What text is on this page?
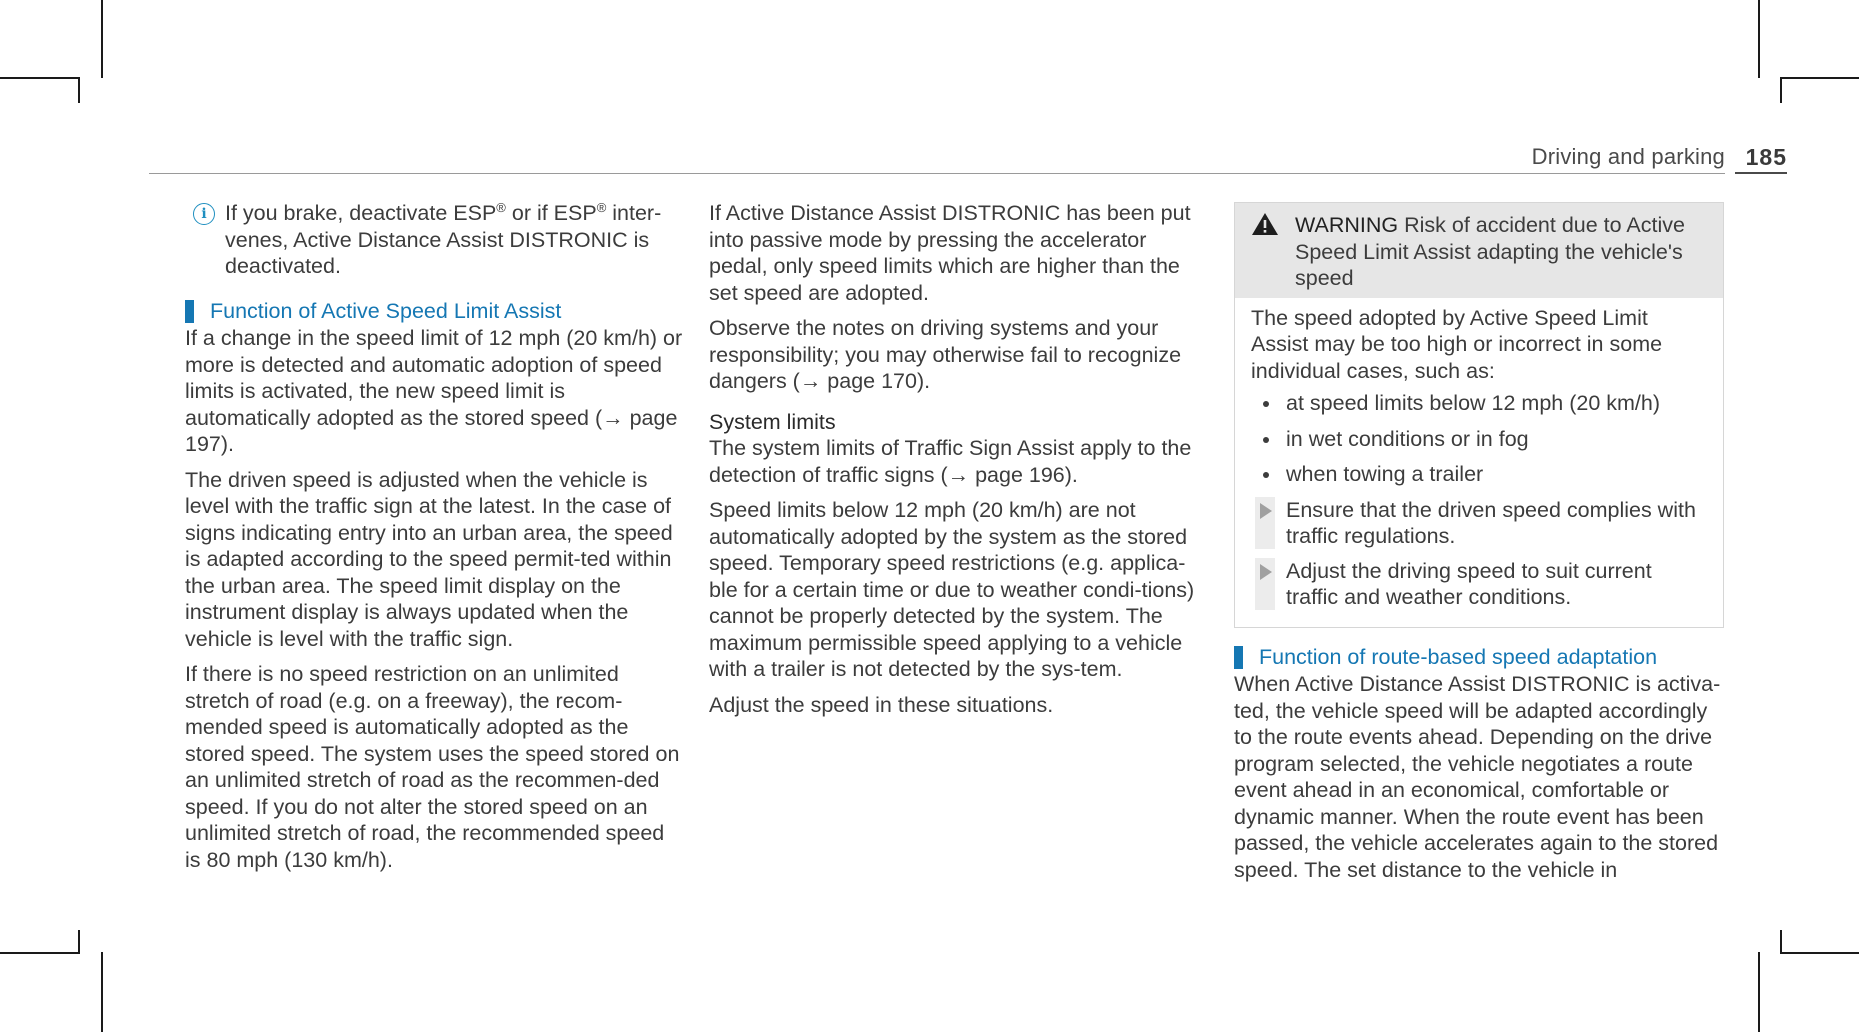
Driving and parking 185
i If you brake, deactivate ESP® or if ESP® inter-venes, Active Distance Assist DISTRONIC is deactivated.
Function of Active Speed Limit Assist

If a change in the speed limit of 12 mph (20 km/h) or more is detected and automatic adoption of speed limits is activated, the new speed limit is automatically adopted as the stored speed (→ page 197).

The driven speed is adjusted when the vehicle is level with the traffic sign at the latest. In the case of signs indicating entry into an urban area, the speed is adapted according to the speed permit-ted within the urban area. The speed limit display on the instrument display is always updated when the vehicle is level with the traffic sign.

If there is no speed restriction on an unlimited stretch of road (e.g. on a freeway), the recom-mended speed is automatically adopted as the stored speed. The system uses the speed stored on an unlimited stretch of road as the recommen-ded speed. If you do not alter the stored speed on an unlimited stretch of road, the recommended speed is 80 mph (130 km/h).

If Active Distance Assist DISTRONIC has been put into passive mode by pressing the accelerator pedal, only speed limits which are higher than the set speed are adopted.

Observe the notes on driving systems and your responsibility; you may otherwise fail to recognize dangers (→ page 170).

System limits

The system limits of Traffic Sign Assist apply to the detection of traffic signs (→ page 196).

Speed limits below 12 mph (20 km/h) are not automatically adopted by the system as the stored speed. Temporary speed restrictions (e.g. applica-ble for a certain time or due to weather condi-tions) cannot be properly detected by the system. The maximum permissible speed applying to a vehicle with a trailer is not detected by the sys-tem.

Adjust the speed in these situations.

WARNING Risk of accident due to Active Speed Limit Assist adapting the vehicle's speed

The speed adopted by Active Speed Limit Assist may be too high or incorrect in some individual cases, such as:

at speed limits below 12 mph (20 km/h)
in wet conditions or in fog
when towing a trailer
Ensure that the driven speed complies with traffic regulations.
Adjust the driving speed to suit current traffic and weather conditions.
Function of route-based speed adaptation

When Active Distance Assist DISTRONIC is activa-ted, the vehicle speed will be adapted accordingly to the route events ahead. Depending on the drive program selected, the vehicle negotiates a route event ahead in an economical, comfortable or dynamic manner. When the route event has been passed, the vehicle accelerates again to the stored speed. The set distance to the vehicle in
